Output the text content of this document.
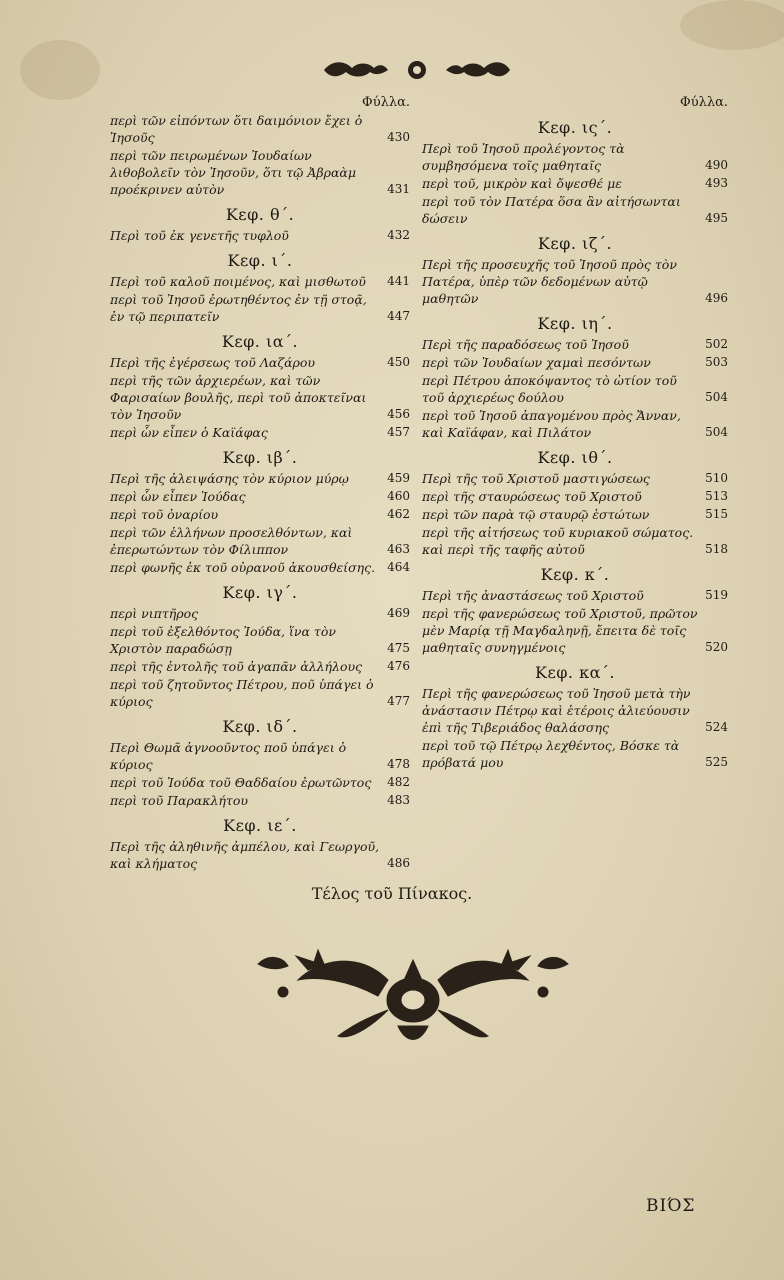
Φύλλα.
περὶ τῶν εἰπόντων ὅτι δαιμόνιον ἔχει ὁ Ἰησοῦς	430
περὶ τῶν πειρωμένων Ἰουδαίων λιθοβολεῖν τὸν Ἰησοῦν, ὅτι τῷ Ἀβραὰμ προέκρινεν αὐτὸν	431
Κεφ. θ΄.
Περὶ τοῦ ἐκ γενετῆς τυφλοῦ	432
Κεφ. ι΄.
Περὶ τοῦ καλοῦ ποιμένος, καὶ μισθωτοῦ	441
περὶ τοῦ Ἰησοῦ ἐρωτηθέντος ἐν τῇ στοᾷ, ἐν τῷ περιπατεῖν	447
Κεφ. ια΄.
Περὶ τῆς ἐγέρσεως τοῦ Λαζάρου	450
περὶ τῆς τῶν ἀρχιερέων, καὶ τῶν Φαρισαίων βουλῆς, περὶ τοῦ ἀποκτεῖναι τὸν Ἰησοῦν	456
περὶ ὧν εἶπεν ὁ Καϊάφας	457
Κεφ. ιβ΄.
Περὶ τῆς ἀλειψάσης τὸν κύριον μύρῳ	459
περὶ ὧν εἶπεν Ἰούδας	460
περὶ τοῦ ὀναρίου	462
περὶ τῶν ἑλλήνων προσελθόντων, καὶ ἐπερωτώντων τὸν Φίλιππον	463
περὶ φωνῆς ἐκ τοῦ οὐρανοῦ ἀκουσθείσης.	464
Κεφ. ιγ΄.
περὶ νιπτῆρος	469
περὶ τοῦ ἐξελθόντος Ἰούδα, ἵνα τὸν Χριστὸν παραδώσῃ	475
περὶ τῆς ἐντολῆς τοῦ ἀγαπᾶν ἀλλήλους	476
περὶ τοῦ ζητοῦντος Πέτρου, ποῦ ὑπάγει ὁ κύριος	477
Κεφ. ιδ΄.
Περὶ Θωμᾶ ἀγνοοῦντος ποῦ ὑπάγει ὁ κύριος	478
περὶ τοῦ Ἰούδα τοῦ Θαδδαίου ἐρωτῶντος	482
περὶ τοῦ Παρακλήτου	483
Κεφ. ιε΄.
Περὶ τῆς ἀληθινῆς ἀμπέλου, καὶ Γεωργοῦ, καὶ κλήματος	486
Φύλλα.
Κεφ. ις΄.
Περὶ τοῦ Ἰησοῦ προλέγοντος τὰ συμβησόμενα τοῖς μαθηταῖς	490
περὶ τοῦ, μικρὸν καὶ ὄψεσθέ με	493
περὶ τοῦ τὸν Πατέρα ὅσα ἂν αἰτήσωνται δώσειν	495
Κεφ. ιζ΄.
Περὶ τῆς προσευχῆς τοῦ Ἰησοῦ πρὸς τὸν Πατέρα, ὑπὲρ τῶν δεδομένων αὐτῷ μαθητῶν	496
Κεφ. ιη΄.
Περὶ τῆς παραδόσεως τοῦ Ἰησοῦ	502
περὶ τῶν Ἰουδαίων χαμαὶ πεσόντων	503
περὶ Πέτρου ἀποκόψαντος τὸ ὠτίον τοῦ τοῦ ἀρχιερέως δούλου	504
περὶ τοῦ Ἰησοῦ ἀπαγομένου πρὸς Ἄνναν, καὶ Καϊάφαν, καὶ Πιλάτον	504
Κεφ. ιθ΄.
Περὶ τῆς τοῦ Χριστοῦ μαστιγώσεως	510
περὶ τῆς σταυρώσεως τοῦ Χριστοῦ	513
περὶ τῶν παρὰ τῷ σταυρῷ ἑστώτων	515
περὶ τῆς αἰτήσεως τοῦ κυριακοῦ σώματος. καὶ περὶ τῆς ταφῆς αὐτοῦ	518
Κεφ. κ΄.
Περὶ τῆς ἀναστάσεως τοῦ Χριστοῦ	519
περὶ τῆς φανερώσεως τοῦ Χριστοῦ, πρῶτον μὲν Μαρίᾳ τῇ Μαγδαληνῇ, ἔπειτα δὲ τοῖς μαθηταῖς συνηγμένοις	520
Κεφ. κα΄.
Περὶ τῆς φανερώσεως τοῦ Ἰησοῦ μετὰ τὴν ἀνάστασιν Πέτρῳ καὶ ἑτέροις ἀλιεύουσιν ἐπὶ τῆς Τιβεριάδος θαλάσσης	524
περὶ τοῦ τῷ Πέτρῳ λεχθέντος, Βόσκε τὰ πρόβατά μου	525
Τέλος τοῦ Πίνακος.
ΒΙΌΣ
